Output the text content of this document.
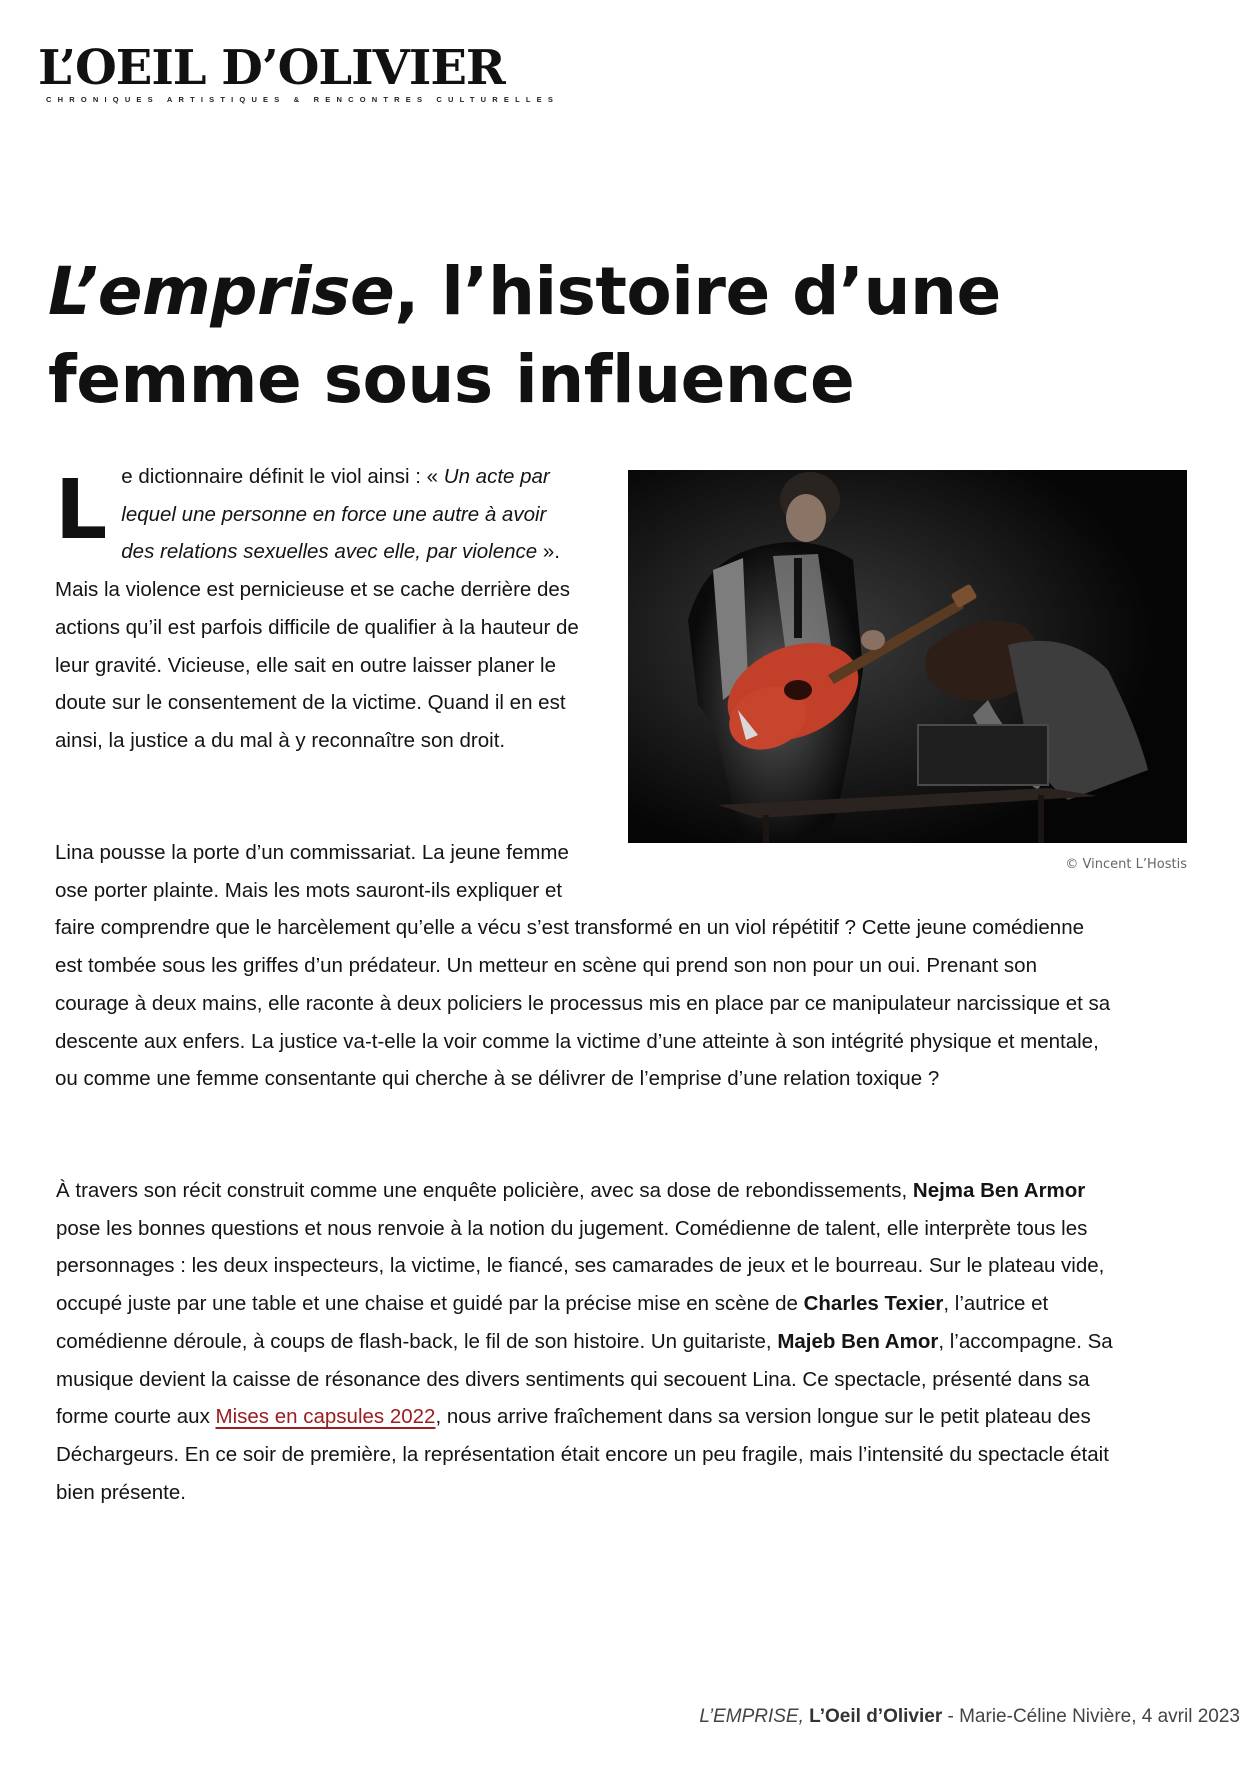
L’OEIL D’OLIVIER
CHRONIQUES ARTISTIQUES & RENCONTRES CULTURELLES
L’emprise, l’histoire d’une femme sous influence

Le dictionnaire définit le viol ainsi : « Un acte par lequel une personne en force une autre à avoir des relations sexuelles avec elle, par violence ». Mais la violence est pernicieuse et se cache derrière des actions qu’il est parfois difficile de qualifier à la hauteur de leur gravité. Vicieuse, elle sait en outre laisser planer le doute sur le consentement de la victime. Quand il en est ainsi, la justice a du mal à y reconnaître son droit.

© Vincent L’Hostis

Lina pousse la porte d’un commissariat. La jeune femme ose porter plainte. Mais les mots sauront-ils expliquer et faire comprendre que le harcèlement qu’elle a vécu s’est transformé en un viol répétitif ? Cette jeune comédienne est tombée sous les griffes d’un prédateur. Un metteur en scène qui prend son non pour un oui. Prenant son courage à deux mains, elle raconte à deux policiers le processus mis en place par ce manipulateur narcissique et sa descente aux enfers. La justice va-t-elle la voir comme la victime d’une atteinte à son intégrité physique et mentale, ou comme une femme consentante qui cherche à se délivrer de l’emprise d’une relation toxique ?

À travers son récit construit comme une enquête policière, avec sa dose de rebondissements, Nejma Ben Armor pose les bonnes questions et nous renvoie à la notion du jugement. Comédienne de talent, elle interprète tous les personnages : les deux inspecteurs, la victime, le fiancé, ses camarades de jeux et le bourreau. Sur le plateau vide, occupé juste par une table et une chaise et guidé par la précise mise en scène de Charles Texier, l’autrice et comédienne déroule, à coups de flash-back, le fil de son histoire. Un guitariste, Majeb Ben Amor, l’accompagne. Sa musique devient la caisse de résonance des divers sentiments qui secouent Lina. Ce spectacle, présenté dans sa forme courte aux Mises en capsules 2022, nous arrive fraîchement dans sa version longue sur le petit plateau des Déchargeurs. En ce soir de première, la représentation était encore un peu fragile, mais l’intensité du spectacle était bien présente.

L’EMPRISE, L’Oeil d’Olivier - Marie-Céline Nivière, 4 avril 2023
